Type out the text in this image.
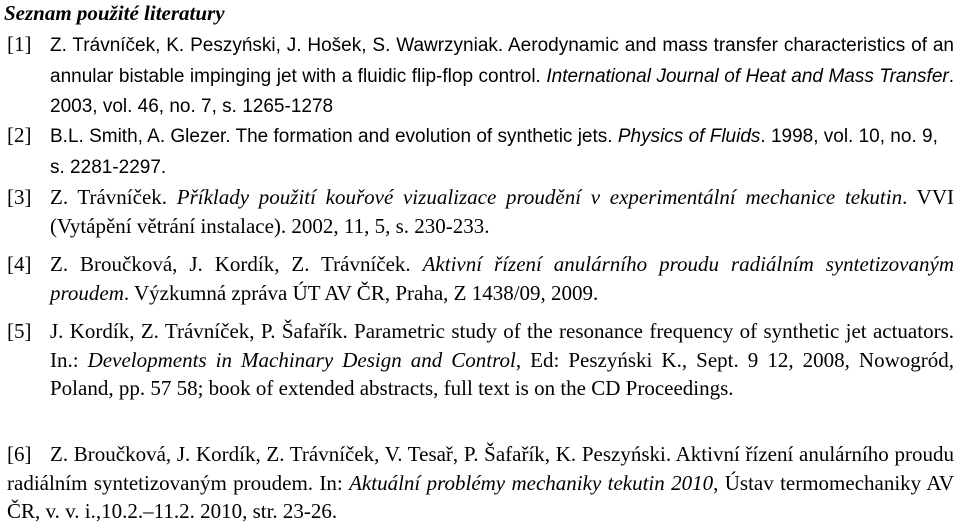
Seznam použité literatury
[1] Z. Trávníček, K. Peszyński, J. Hošek, S. Wawrzyniak. Aerodynamic and mass transfer characteristics of an annular bistable impinging jet with a fluidic flip-flop control. International Journal of Heat and Mass Transfer. 2003, vol. 46, no. 7, s. 1265-1278
[2] B.L. Smith, A. Glezer. The formation and evolution of synthetic jets. Physics of Fluids. 1998, vol. 10, no. 9, s. 2281-2297.
[3] Z. Trávníček. Příklady použití kouřové vizualizace proudění v experimentální mechanice tekutin. VVI (Vytápění větrání instalace). 2002, 11, 5, s. 230-233.
[4] Z. Broučková, J. Kordík, Z. Trávníček. Aktivní řízení anulárního proudu radiálním syntetizovaným proudem. Výzkumná zpráva ÚT AV ČR, Praha, Z 1438/09, 2009.
[5] J. Kordík, Z. Trávníček, P. Šafařík. Parametric study of the resonance frequency of synthetic jet actuators. In.: Developments in Machinary Design and Control, Ed: Peszyński K., Sept. 9 12, 2008, Nowogród, Poland, pp. 57 58; book of extended abstracts, full text is on the CD Proceedings.
[6] Z. Broučková, J. Kordík, Z. Trávníček, V. Tesař, P. Šafařík, K. Peszyński. Aktivní řízení anulárního proudu radiálním syntetizovaným proudem. In: Aktuální problémy mechaniky tekutin 2010, Ústav termomechaniky AV ČR, v. v. i.,10.2.–11.2. 2010, str. 23-26.
